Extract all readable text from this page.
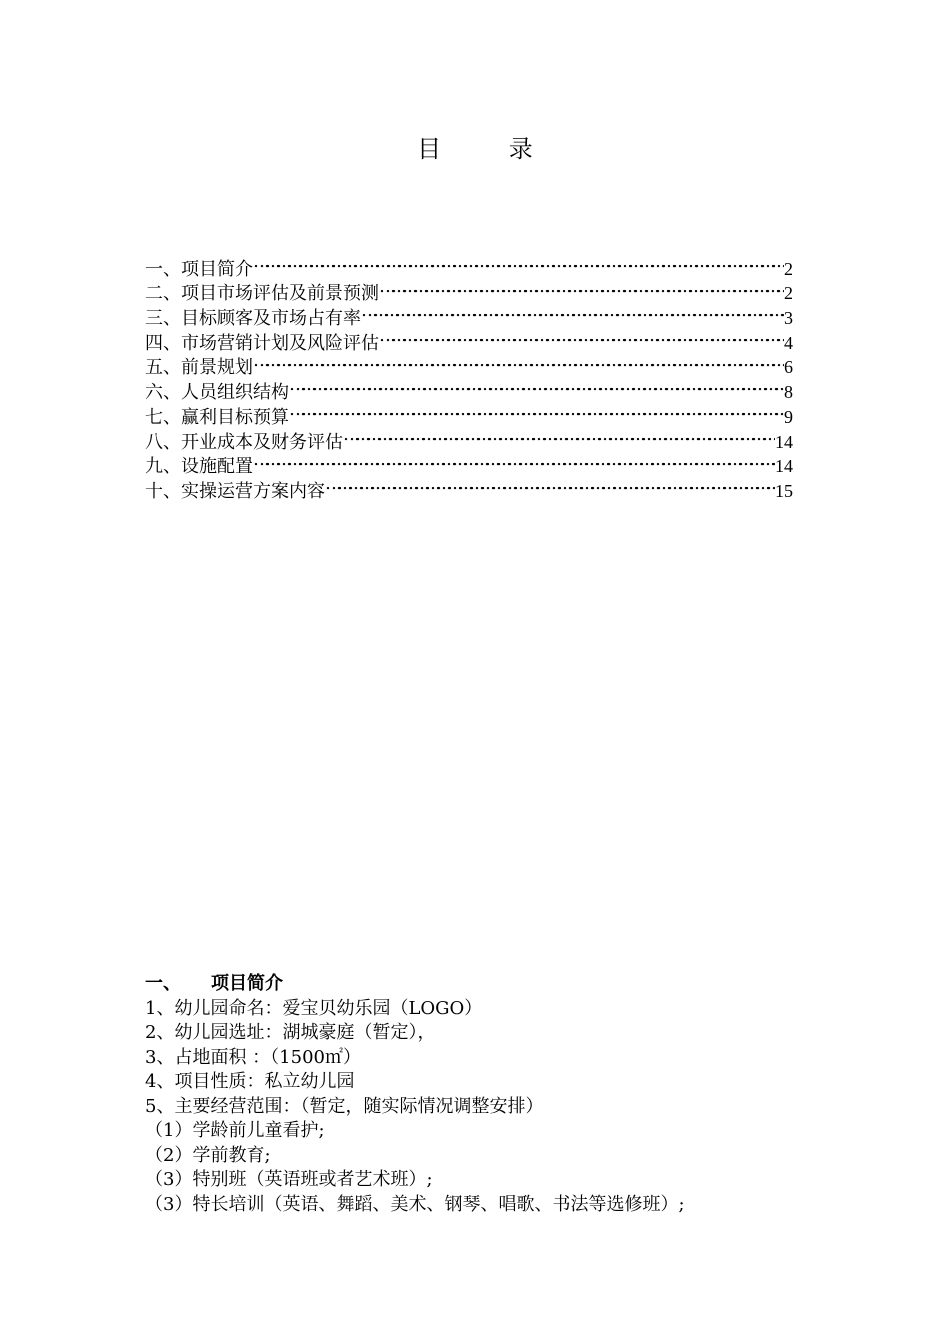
目 录
一、项目简介 ……………………………………………………………………………………………………………………………………………………………………………………	2
二、项目市场评估及前景预测 ……………………………………………………………………………………………………………………………………………………………………………………	2
三、目标顾客及市场占有率 ……………………………………………………………………………………………………………………………………………………………………………………	3
四、市场营销计划及风险评估 ……………………………………………………………………………………………………………………………………………………………………………………	4
五、前景规划 ……………………………………………………………………………………………………………………………………………………………………………………	6
六、人员组织结构 ……………………………………………………………………………………………………………………………………………………………………………………	8
七、赢利目标预算 ……………………………………………………………………………………………………………………………………………………………………………………	9
八、开业成本及财务评估 ……………………………………………………………………………………………………………………………………………………………………………………	14
九、设施配置 ……………………………………………………………………………………………………………………………………………………………………………………	14
十、实操运营方案内容 ……………………………………………………………………………………………………………………………………………………………………………………	15
一、 项目简介
1、幼儿园命名：爱宝贝幼乐园（LOGO）
2、幼儿园选址：湖城豪庭（暂定），
3、占地面积 ：（1500㎡）
4、项目性质：私立幼儿园
5、主要经营范围：（暂定，随实际情况调整安排）
（1）学龄前儿童看护;
（2）学前教育;
（3）特别班（英语班或者艺术班）;
（3）特长培训（英语、舞蹈、美术、钢琴、唱歌、书法等选修班）;
